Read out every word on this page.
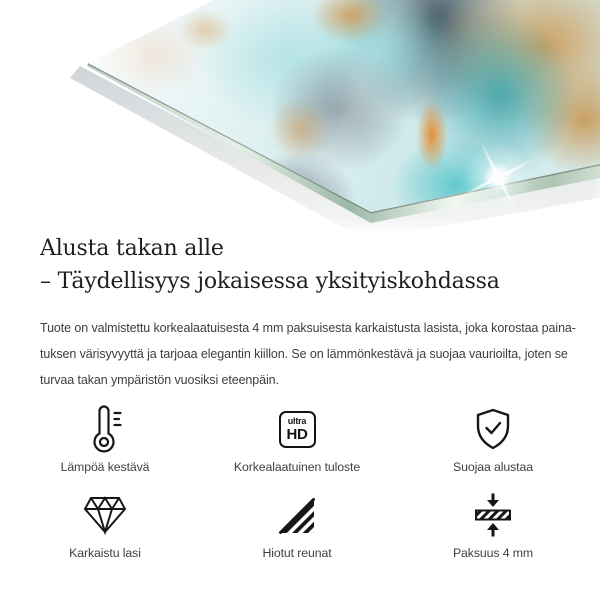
Alusta takan alle
– Täydellisyys jokaisessa yksityiskohdassa
Tuote on valmistettu korkealaatuisesta 4 mm paksuisesta karkaistusta lasista, joka korostaa paina-
tuksen värisyvyyttä ja tarjoaa elegantin kiillon. Se on lämmönkestävä ja suojaa vaurioilta, joten se
turvaa takan ympäristön vuosiksi eteenpäin.
Lämpöä kestävä
ultra
HD
Korkealaatuinen tuloste	Suojaa alustaa
Karkaistu lasi	Hiotut reunat	Paksuus 4 mm
